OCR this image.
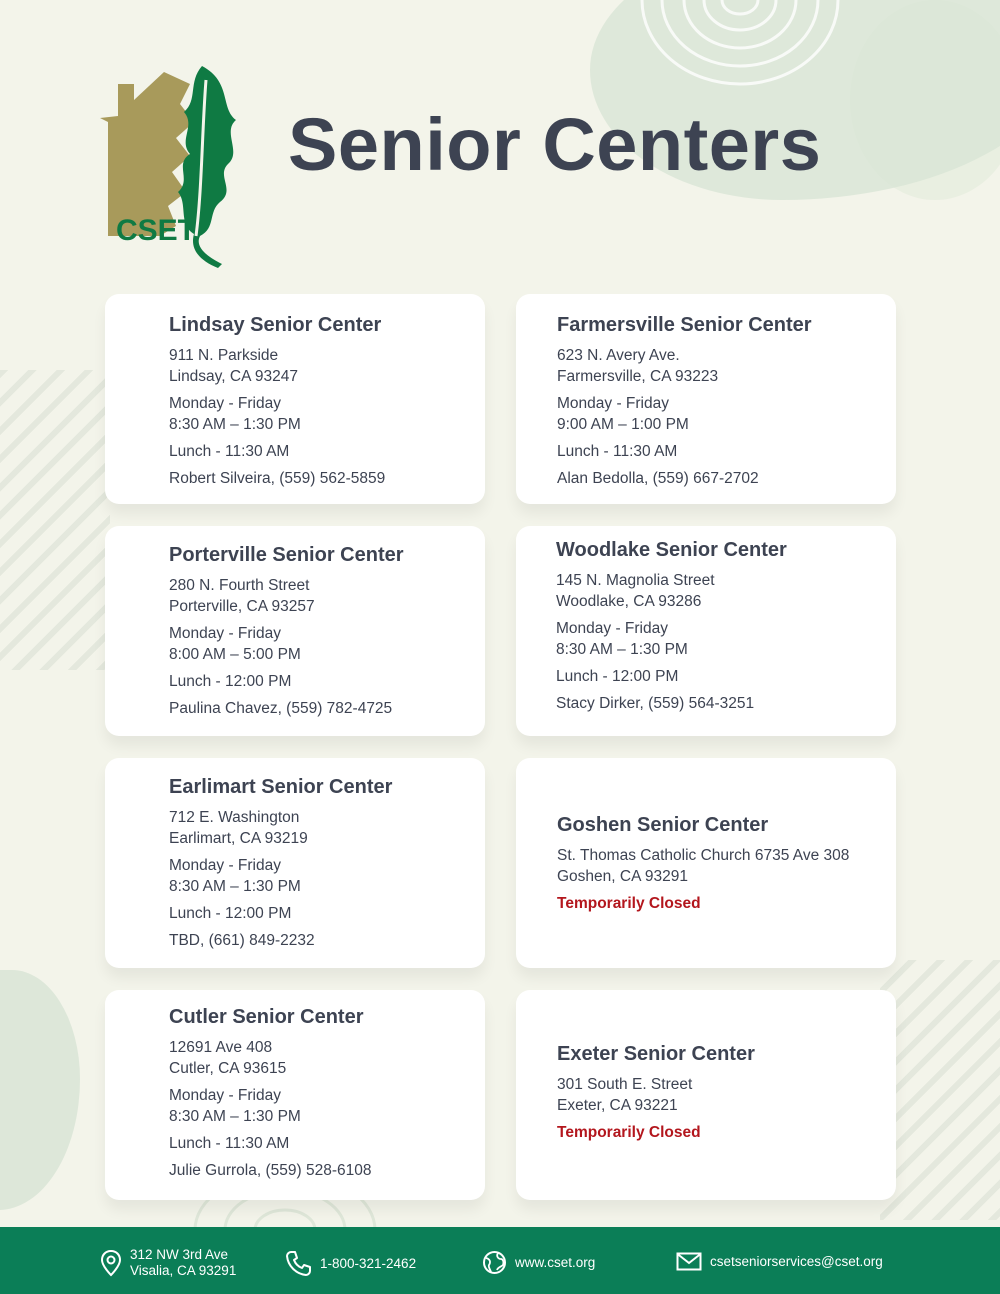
CSET
Senior Centers
Lindsay Senior Center
911 N. Parkside
Lindsay, CA 93247
Monday - Friday
8:30 AM – 1:30 PM
Lunch - 11:30 AM
Robert Silveira, (559) 562-5859
Farmersville Senior Center
623 N. Avery Ave.
Farmersville, CA 93223
Monday - Friday
9:00 AM – 1:00 PM
Lunch - 11:30 AM
Alan Bedolla, (559) 667-2702
Porterville Senior Center
280 N. Fourth Street
Porterville, CA 93257
Monday - Friday
8:00 AM – 5:00 PM
Lunch - 12:00 PM
Paulina Chavez, (559) 782-4725
Woodlake Senior Center
145 N. Magnolia Street
Woodlake, CA 93286
Monday - Friday
8:30 AM – 1:30 PM
Lunch - 12:00 PM
Stacy Dirker, (559) 564-3251
Earlimart Senior Center
712 E. Washington
Earlimart, CA 93219
Monday - Friday
8:30 AM – 1:30 PM
Lunch - 12:00 PM
TBD, (661) 849-2232
Goshen Senior Center
St. Thomas Catholic Church 6735 Ave 308
Goshen, CA 93291
Temporarily Closed
Cutler Senior Center
12691 Ave 408
Cutler, CA 93615
Monday - Friday
8:30 AM – 1:30 PM
Lunch - 11:30 AM
Julie Gurrola, (559) 528-6108
Exeter Senior Center
301 South E. Street
Exeter, CA 93221
Temporarily Closed
312 NW 3rd Ave
Visalia, CA 93291	1-800-321-2462	www.cset.org	csetseniorservices@cset.org
